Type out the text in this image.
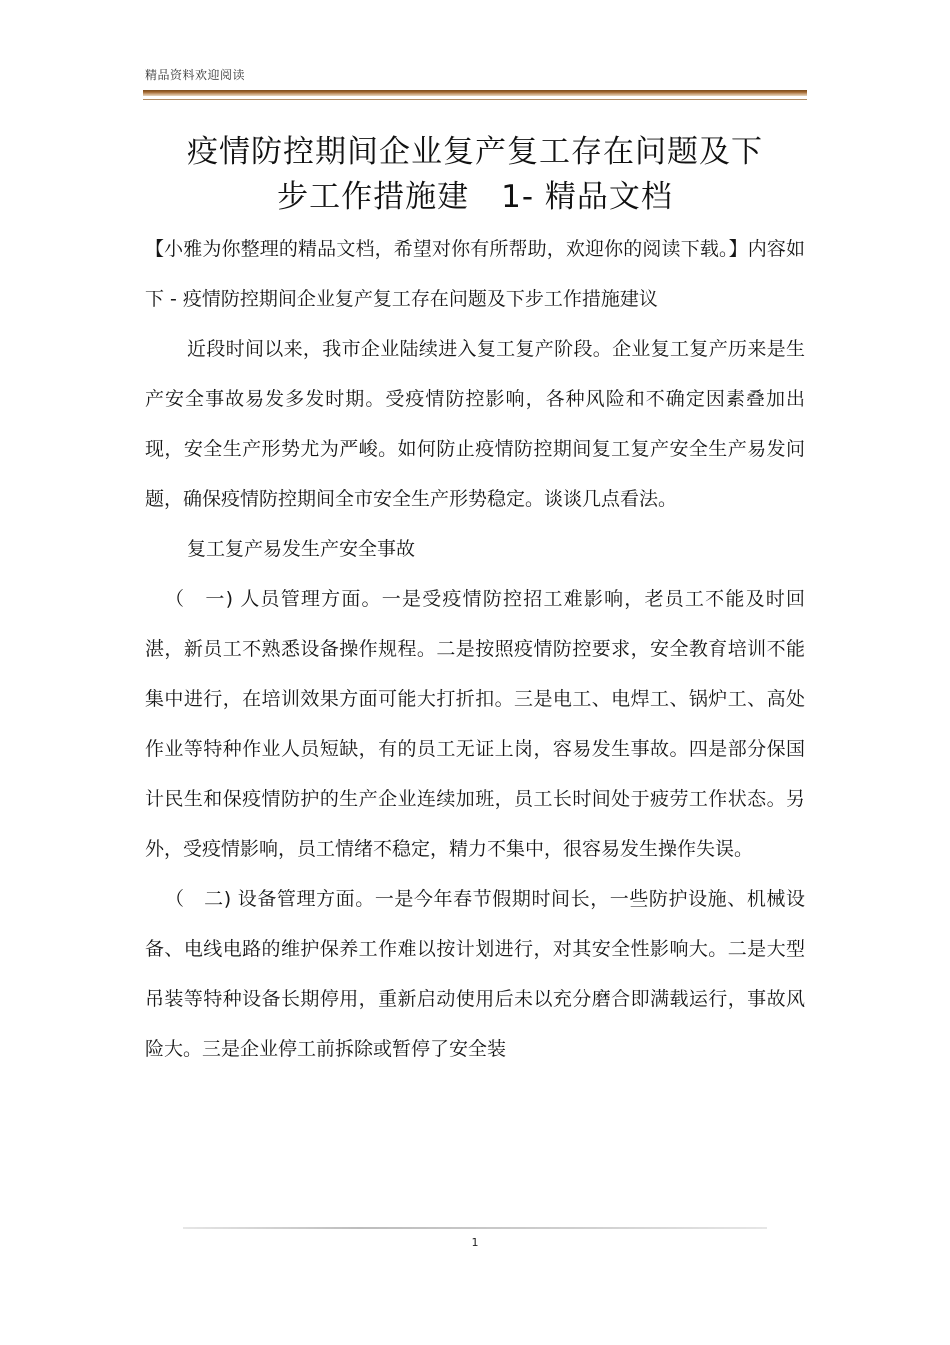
精品资料欢迎阅读
疫情防控期间企业复产复工存在问题及下
步工作措施建　1- 精品文档

【小雅为你整理的精品文档，希望对你有所帮助，欢迎你的阅读下载。】内容如下 - 疫情防控期间企业复产复工存在问题及下步工作措施建议

近段时间以来，我市企业陆续进入复工复产阶段。企业复工复产历来是生产安全事故易发多发时期。受疫情防控影响，各种风险和不确定因素叠加出现，安全生产形势尤为严峻。如何防止疫情防控期间复工复产安全生产易发问题，确保疫情防控期间全市安全生产形势稳定。谈谈几点看法。

复工复产易发生产安全事故

（　一) 人员管理方面。一是受疫情防控招工难影响，老员工不能及时回湛，新员工不熟悉设备操作规程。二是按照疫情防控要求，安全教育培训不能集中进行，在培训效果方面可能大打折扣。三是电工、电焊工、锅炉工、高处作业等特种作业人员短缺，有的员工无证上岗，容易发生事故。四是部分保国计民生和保疫情防护的生产企业连续加班，员工长时间处于疲劳工作状态。另外，受疫情影响，员工情绪不稳定，精力不集中，很容易发生操作失误。

（　二) 设备管理方面。一是今年春节假期时间长，一些防护设施、机械设备、电线电路的维护保养工作难以按计划进行，对其安全性影响大。二是大型吊装等特种设备长期停用，重新启动使用后未以充分磨合即满载运行，事故风险大。三是企业停工前拆除或暂停了安全装

1
